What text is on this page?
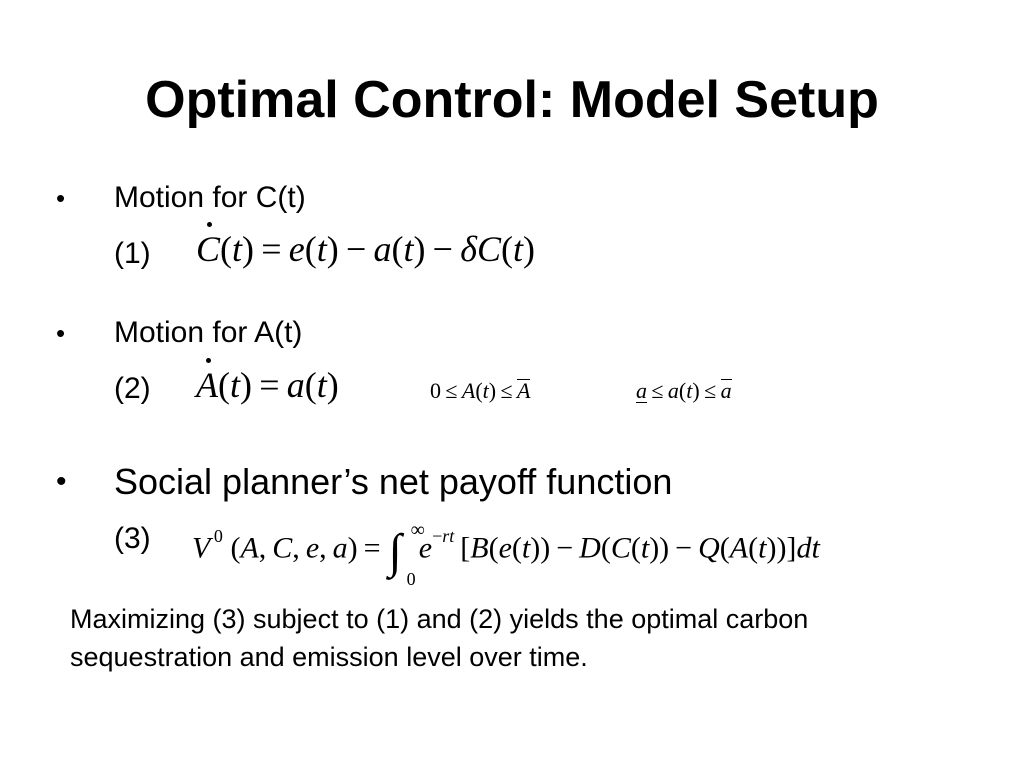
Optimal Control: Model Setup
• Motion for C(t)
(1) C(t) = e(t) − a(t) − δC(t)
• Motion for A(t)
(2) A(t) = a(t)	0 ≤ A(t) ≤ A	a ≤ a(t) ≤ a
• Social planner’s net payoff function
(3) V $^0$ (A, C, e, a) = ∫ ∞
0
$e^{-rt}$ [B(e(t)) − D(C(t)) − Q(A(t))]dt
Maximizing (3) subject to (1) and (2) yields the optimal carbon sequestration and emission level over time.
